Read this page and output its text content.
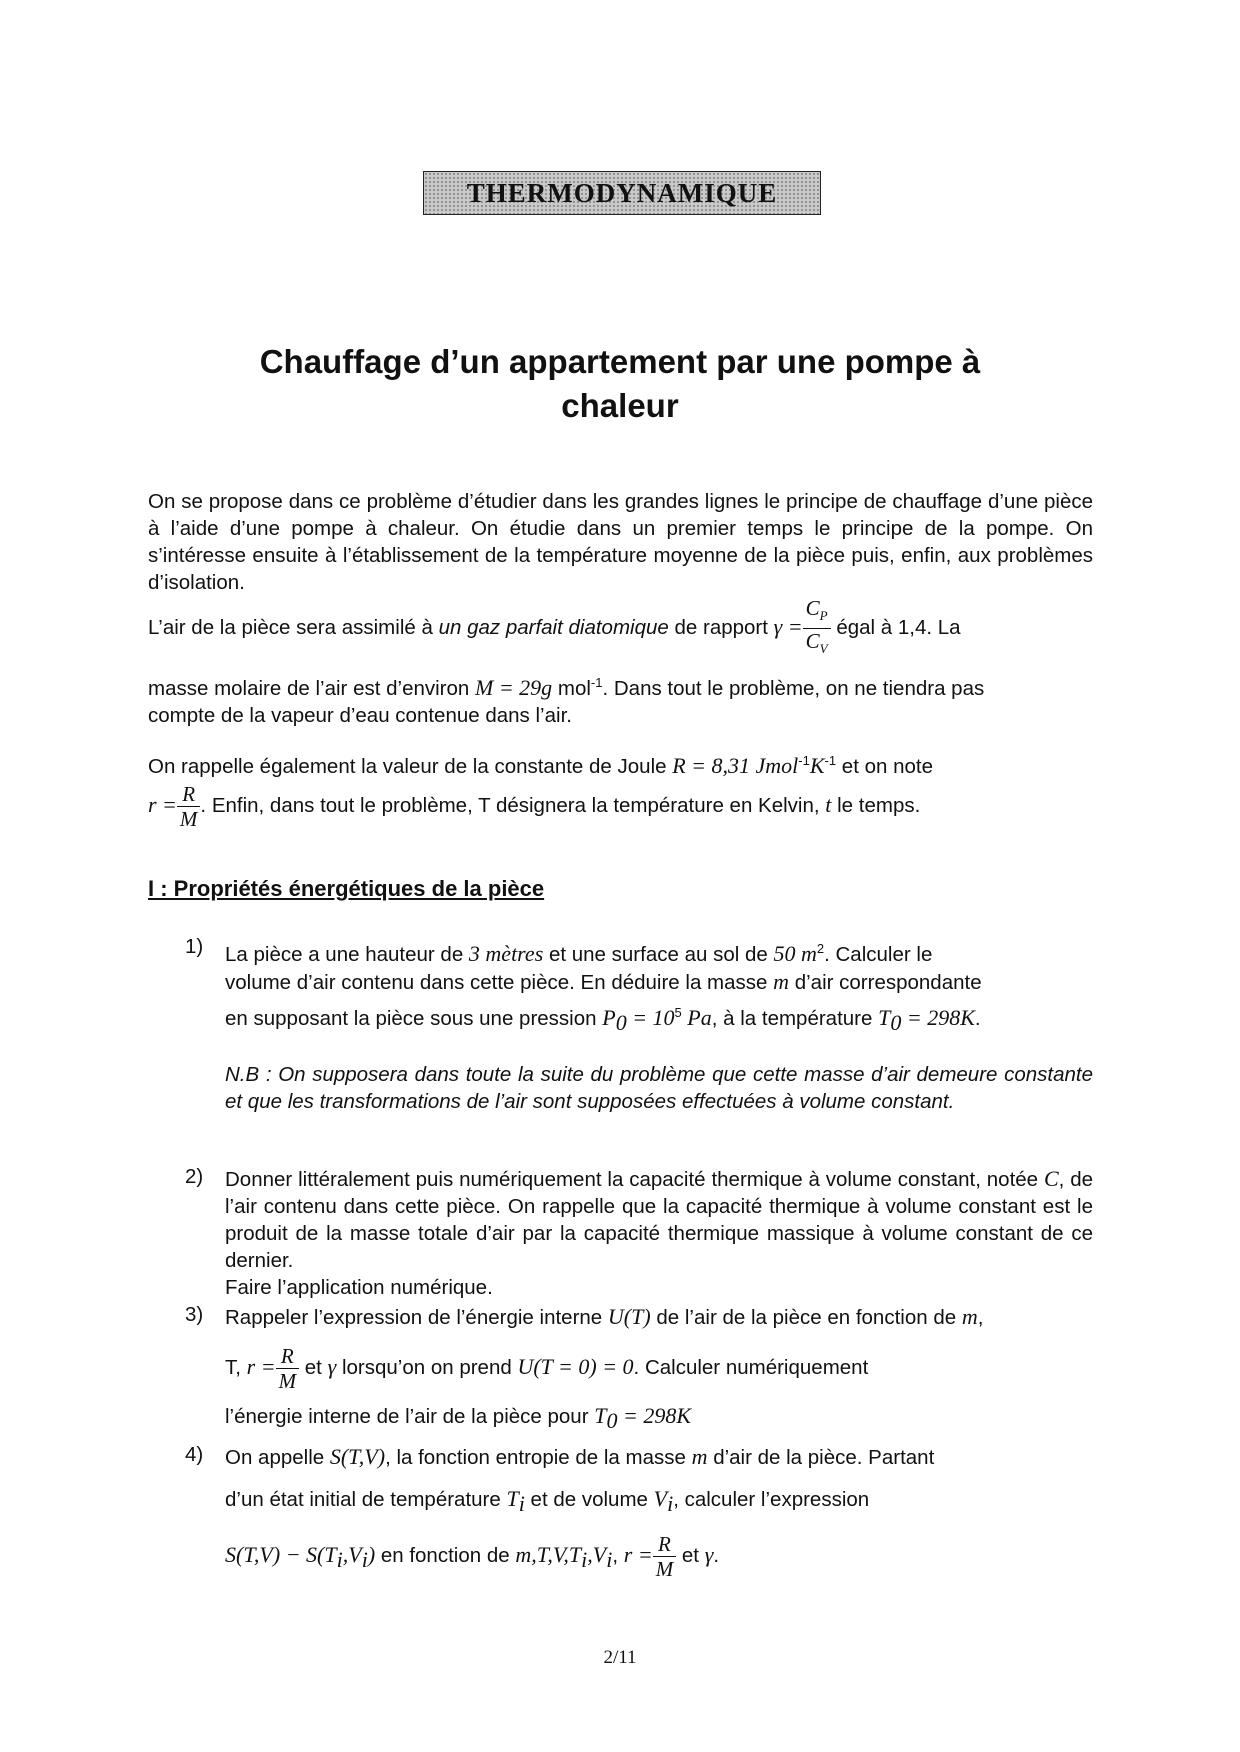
THERMODYNAMIQUE
Chauffage d’un appartement par une pompe à
chaleur
On se propose dans ce problème d’étudier dans les grandes lignes le principe de chauffage d’une pièce à l’aide d’une pompe à chaleur. On étudie dans un premier temps le principe de la pompe. On s’intéresse ensuite à l’établissement de la température moyenne de la pièce puis, enfin, aux problèmes d’isolation.
L’air de la pièce sera assimilé à un gaz parfait diatomique de rapport $\gamma = \frac{C_P}{C_V}$ égal à 1,4. La
masse molaire de l’air est d’environ M = 29g mol$^{-1}$. Dans tout le problème, on ne tiendra pas
compte de la vapeur d’eau contenue dans l’air.
On rappelle également la valeur de la constante de Joule R = 8,31 $Jmol^{-1}K^{-1}$ et on note
$r = \frac{R}{M}$ . Enfin, dans tout le problème, T désignera la température en Kelvin, t le temps.
I : Propriétés énergétiques de la pièce
1) La pièce a une hauteur de 3 mètres et une surface au sol de 50 $m^2$. Calculer le
volume d’air contenu dans cette pièce. En déduire la masse m d’air correspondante
en supposant la pièce sous une pression $P_0 = 10^5$ Pa, à la température $T_0 = 298K$.
N.B : On supposera dans toute la suite du problème que cette masse d’air demeure constante et que les transformations de l’air sont supposées effectuées à volume constant.
2) Donner littéralement puis numériquement la capacité thermique à volume constant, notée C, de l’air contenu dans cette pièce. On rappelle que la capacité thermique à volume constant est le produit de la masse totale d’air par la capacité thermique massique à volume constant de ce dernier.
Faire l’application numérique.
3) Rappeler l’expression de l’énergie interne U(T) de l’air de la pièce en fonction de m,
T, $r = \frac{R}{M}$ et γ lorsqu’on on prend U(T = 0) = 0. Calculer numériquement
l’énergie interne de l’air de la pièce pour $T_0 = 298K$
4) On appelle S(T,V), la fonction entropie de la masse m d’air de la pièce. Partant
d’un état initial de température $T_i$ et de volume $V_i$, calculer l’expression
$S(T,V) - S(T_i,V_i)$ en fonction de $m,T,V,T_i,V_i$, $r = \frac{R}{M}$ et γ.
2/11
